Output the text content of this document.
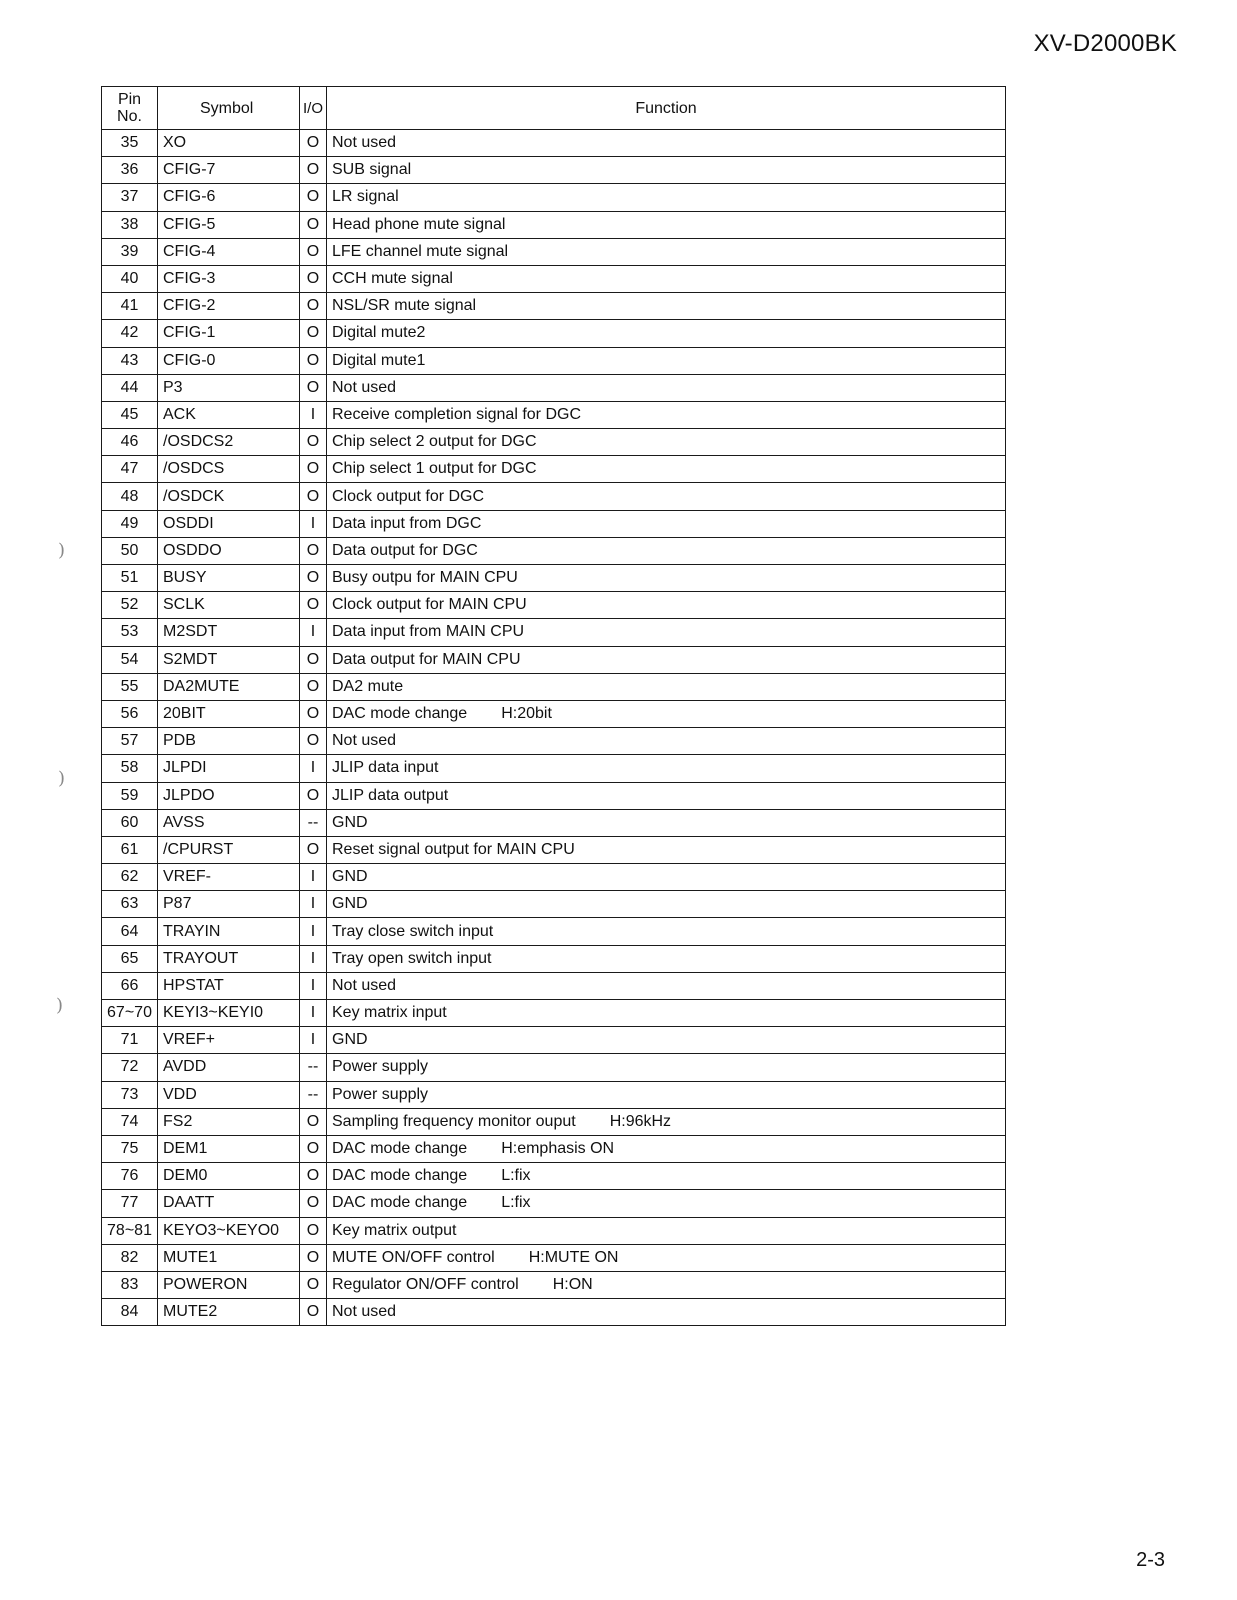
XV-D2000BK
)
)
)
Pin No.	Symbol	I/O	Function
35	XO	O	Not used
36	CFIG-7	O	SUB signal
37	CFIG-6	O	LR signal
38	CFIG-5	O	Head phone mute signal
39	CFIG-4	O	LFE channel mute signal
40	CFIG-3	O	CCH mute signal
41	CFIG-2	O	NSL/SR mute signal
42	CFIG-1	O	Digital mute2
43	CFIG-0	O	Digital mute1
44	P3	O	Not used
45	ACK	I	Receive completion signal for DGC
46	/OSDCS2	O	Chip select 2 output for DGC
47	/OSDCS	O	Chip select 1 output for DGC
48	/OSDCK	O	Clock output for DGC
49	OSDDI	I	Data input from DGC
50	OSDDO	O	Data output for DGC
51	BUSY	O	Busy outpu for MAIN CPU
52	SCLK	O	Clock output for MAIN CPU
53	M2SDT	I	Data input from MAIN CPU
54	S2MDT	O	Data output for MAIN CPU
55	DA2MUTE	O	DA2 mute
56	20BIT	O	DAC mode change H:20bit
57	PDB	O	Not used
58	JLPDI	I	JLIP data input
59	JLPDO	O	JLIP data output
60	AVSS	--	GND
61	/CPURST	O	Reset signal output for MAIN CPU
62	VREF-	I	GND
63	P87	I	GND
64	TRAYIN	I	Tray close switch input
65	TRAYOUT	I	Tray open switch input
66	HPSTAT	I	Not used
67~70	KEYI3~KEYI0	I	Key matrix input
71	VREF+	I	GND
72	AVDD	--	Power supply
73	VDD	--	Power supply
74	FS2	O	Sampling frequency monitor ouput H:96kHz
75	DEM1	O	DAC mode change H:emphasis ON
76	DEM0	O	DAC mode change L:fix
77	DAATT	O	DAC mode change L:fix
78~81	KEYO3~KEYO0	O	Key matrix output
82	MUTE1	O	MUTE ON/OFF control H:MUTE ON
83	POWERON	O	Regulator ON/OFF control H:ON
84	MUTE2	O	Not used
2-3
